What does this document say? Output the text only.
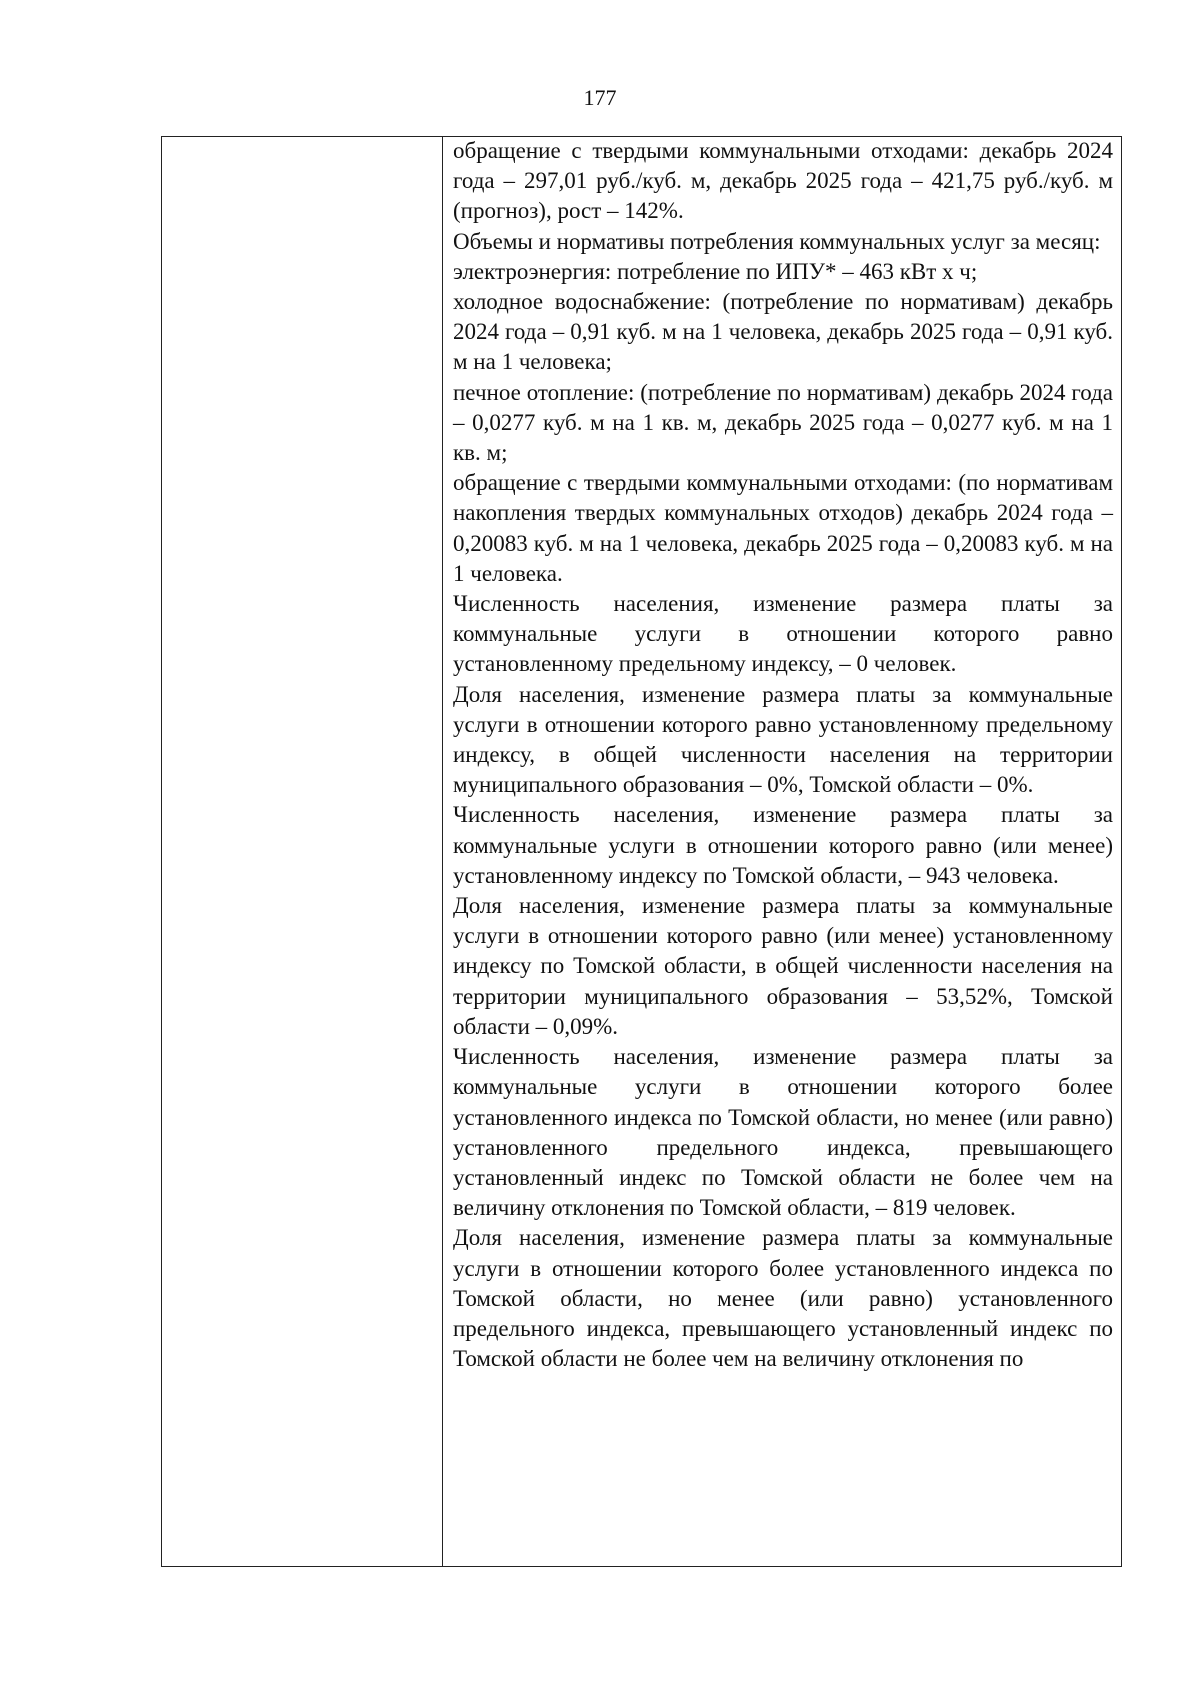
177

обращение с твердыми коммунальными отходами: декабрь 2024 года – 297,01 руб./куб. м, декабрь 2025 года – 421,75 руб./куб. м (прогноз), рост – 142%.

Объемы и нормативы потребления коммунальных услуг за месяц:

электроэнергия: потребление по ИПУ* – 463 кВт х ч;

холодное водоснабжение: (потребление по нормативам) декабрь 2024 года – 0,91 куб. м на 1 человека, декабрь 2025 года – 0,91 куб. м на 1 человека;

печное отопление: (потребление по нормативам) декабрь 2024 года – 0,0277 куб. м на 1 кв. м, декабрь 2025 года – 0,0277 куб. м на 1 кв. м;

обращение с твердыми коммунальными отходами: (по нормативам накопления твердых коммунальных отходов) декабрь 2024 года – 0,20083 куб. м на 1 человека, декабрь 2025 года – 0,20083 куб. м на 1 человека.

Численность населения, изменение размера платы за коммунальные услуги в отношении которого равно установленному предельному индексу, – 0 человек.

Доля населения, изменение размера платы за коммунальные услуги в отношении которого равно установленному предельному индексу, в общей численности населения на территории муниципального образования – 0%, Томской области – 0%.

Численность населения, изменение размера платы за коммунальные услуги в отношении которого равно (или менее) установленному индексу по Томской области, – 943 человека.

Доля населения, изменение размера платы за коммунальные услуги в отношении которого равно (или менее) установленному индексу по Томской области, в общей численности населения на территории муниципального образования – 53,52%, Томской области – 0,09%.

Численность населения, изменение размера платы за коммунальные услуги в отношении которого более установленного индекса по Томской области, но менее (или равно) установленного предельного индекса, превышающего установленный индекс по Томской области не более чем на величину отклонения по Томской области, – 819 человек.

Доля населения, изменение размера платы за коммунальные услуги в отношении которого более установленного индекса по Томской области, но менее (или равно) установленного предельного индекса, превышающего установленный индекс по Томской области не более чем на величину отклонения по
